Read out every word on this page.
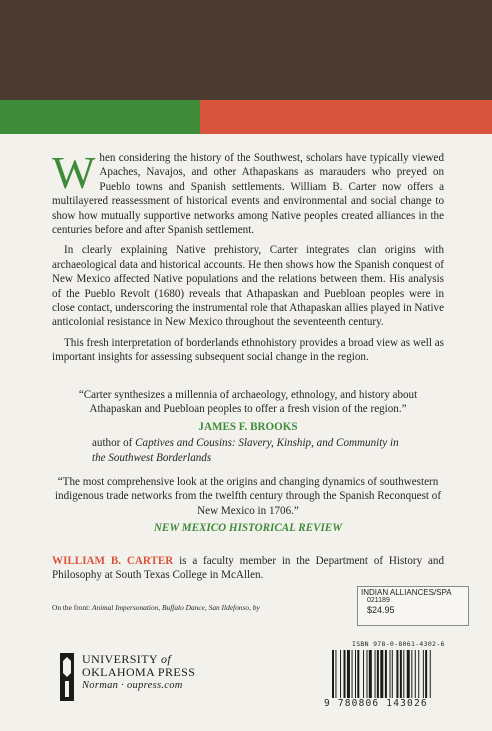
When considering the history of the Southwest, scholars have typically viewed Apaches, Navajos, and other Athapaskans as marauders who preyed on Pueblo towns and Spanish settlements. William B. Carter now offers a multilayered reassessment of historical events and environmental and social change to show how mutually supportive networks among Native peoples created alliances in the centuries before and after Spanish settlement.

In clearly explaining Native prehistory, Carter integrates clan origins with archaeological data and historical accounts. He then shows how the Spanish conquest of New Mexico affected Native populations and the relations between them. His analysis of the Pueblo Revolt (1680) reveals that Athapaskan and Puebloan peoples were in close contact, underscoring the instrumental role that Athapaskan allies played in Native anticolonial resistance in New Mexico throughout the seventeenth century.

This fresh interpretation of borderlands ethnohistory provides a broad view as well as important insights for assessing subsequent social change in the region.

“Carter synthesizes a millennia of archaeology, ethnology, and history about Athapaskan and Puebloan peoples to offer a fresh vision of the region.”
JAMES F. BROOKS
author of Captives and Cousins: Slavery, Kinship, and Community in
the Southwest Borderlands
“The most comprehensive look at the origins and changing dynamics of southwestern indigenous trade networks from the twelfth century through the Spanish Reconquest of New Mexico in 1706.”
NEW MEXICO HISTORICAL REVIEW
WILLIAM B. CARTER is a faculty member in the Department of History and Philosophy at South Texas College in McAllen.
On the front: Animal Impersonation, Buffalo Dance, San Ildefonso, by
INDIAN ALLIANCES/SPA
021189
$24.95
ISBN 978-0-8061-4302-6
9 780806 143026
UNIVERSITY of
OKLAHOMA PRESS
Norman · oupress.com
